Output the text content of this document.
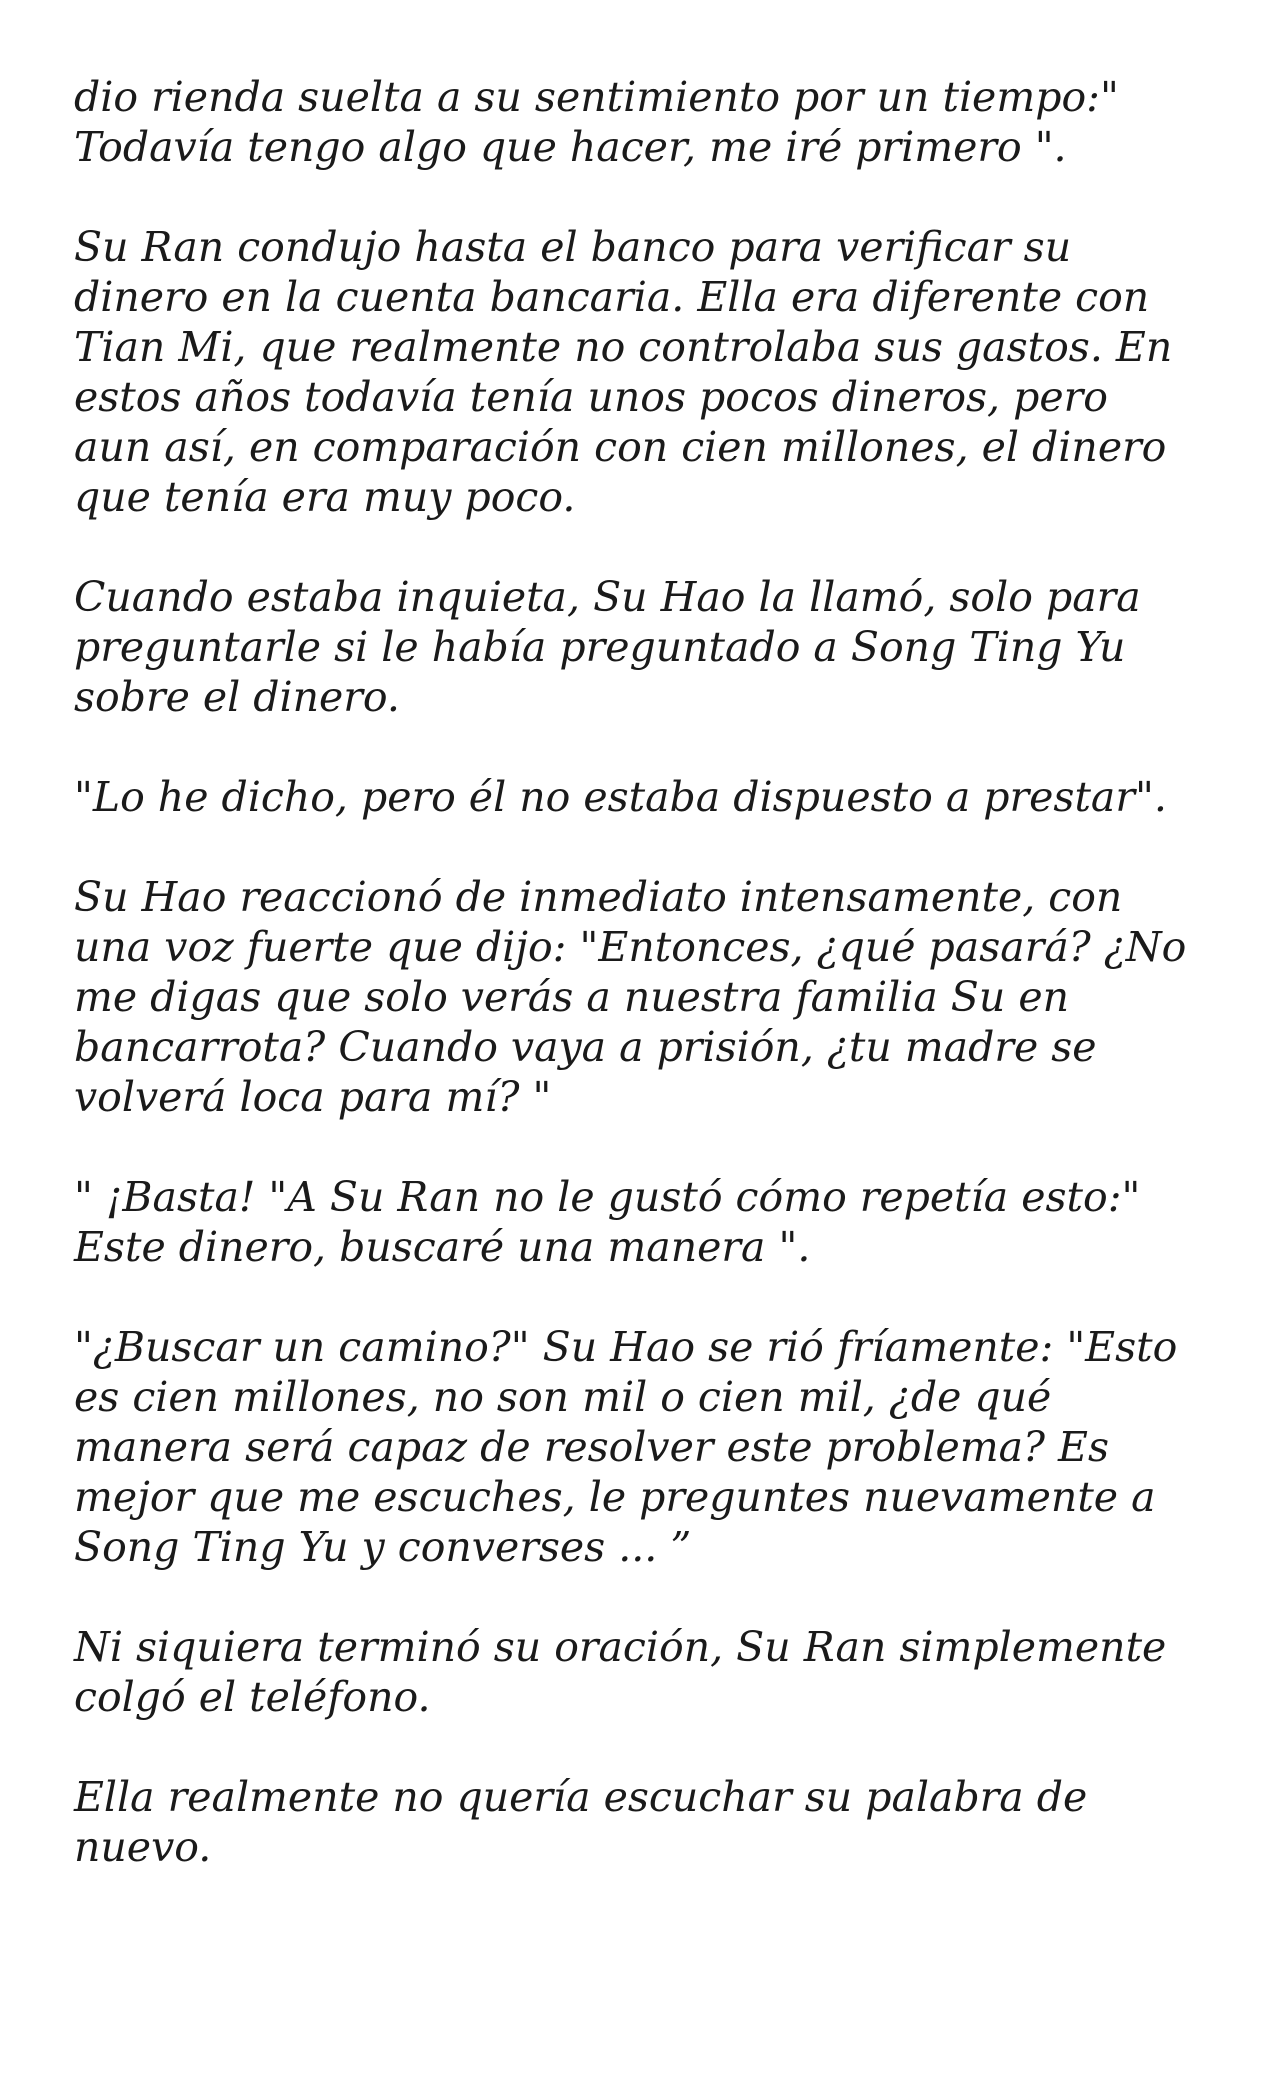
dio rienda suelta a su sentimiento por un tiempo:"
Todavía tengo algo que hacer, me iré primero ".

Su Ran condujo hasta el banco para verificar su
dinero en la cuenta bancaria. Ella era diferente con
Tian Mi, que realmente no controlaba sus gastos. En
estos años todavía tenía unos pocos dineros, pero
aun así, en comparación con cien millones, el dinero
que tenía era muy poco.

Cuando estaba inquieta, Su Hao la llamó, solo para
preguntarle si le había preguntado a Song Ting Yu
sobre el dinero.

"Lo he dicho, pero él no estaba dispuesto a prestar".

Su Hao reaccionó de inmediato intensamente, con
una voz fuerte que dijo: "Entonces, ¿qué pasará? ¿No
me digas que solo verás a nuestra familia Su en
bancarrota? Cuando vaya a prisión, ¿tu madre se
volverá loca para mí? "

" ¡Basta! "A Su Ran no le gustó cómo repetía esto:"
Este dinero, buscaré una manera ".

"¿Buscar un camino?" Su Hao se rió fríamente: "Esto
es cien millones, no son mil o cien mil, ¿de qué
manera será capaz de resolver este problema? Es
mejor que me escuches, le preguntes nuevamente a
Song Ting Yu y converses ... ”

Ni siquiera terminó su oración, Su Ran simplemente
colgó el teléfono.

Ella realmente no quería escuchar su palabra de
nuevo.
